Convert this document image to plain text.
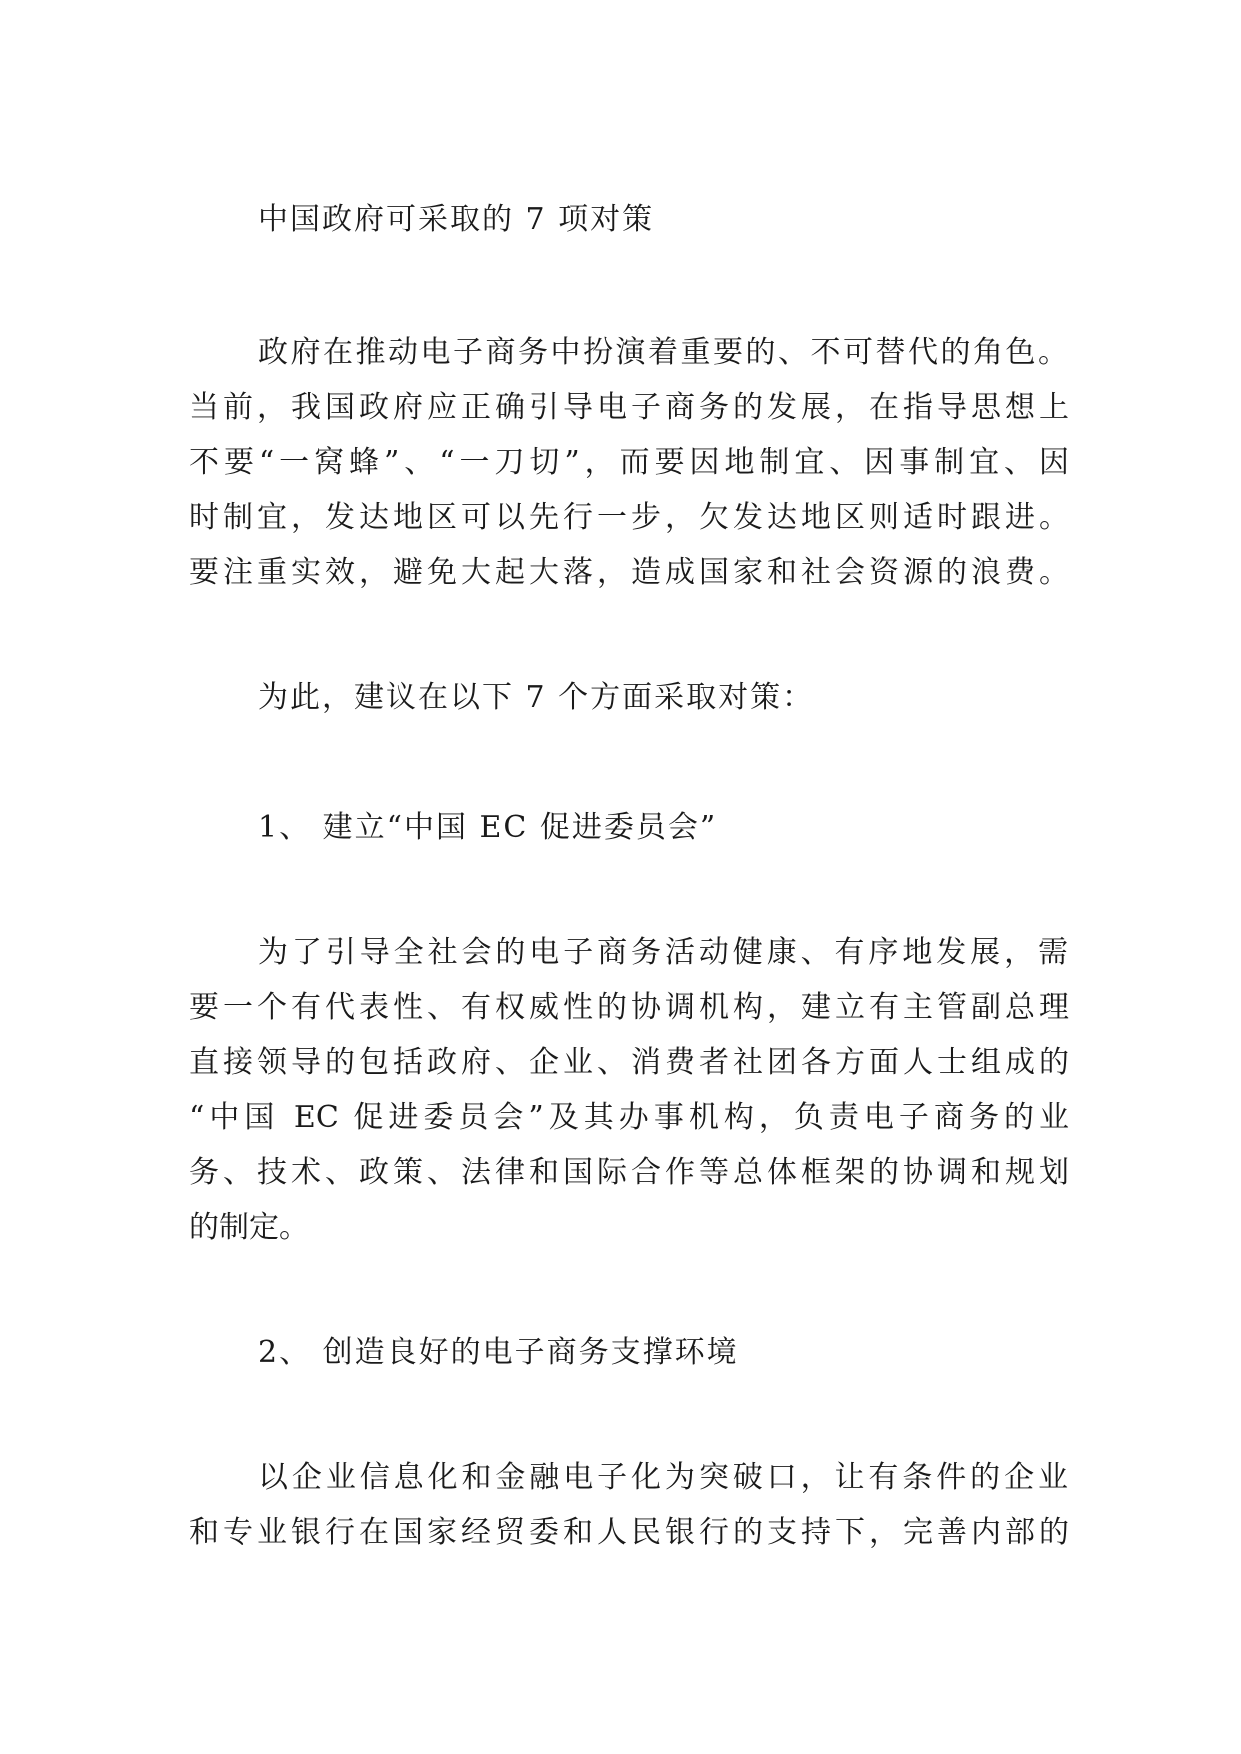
中国政府可采取的 7 项对策
政府在推动电子商务中扮演着重要的、不可替代的角色。
当前，我国政府应正确引导电子商务的发展，在指导思想上
不要“一窝蜂”、“一刀切”，而要因地制宜、因事制宜、因
时制宜，发达地区可以先行一步，欠发达地区则适时跟进。
要注重实效，避免大起大落，造成国家和社会资源的浪费。
为此，建议在以下 7 个方面采取对策：
1、 建立“中国 EC 促进委员会”
为了引导全社会的电子商务活动健康、有序地发展，需
要一个有代表性、有权威性的协调机构，建立有主管副总理
直接领导的包括政府、企业、消费者社团各方面人士组成的
“中国 EC 促进委员会”及其办事机构，负责电子商务的业
务、技术、政策、法律和国际合作等总体框架的协调和规划
的制定。
2、 创造良好的电子商务支撑环境
以企业信息化和金融电子化为突破口，让有条件的企业
和专业银行在国家经贸委和人民银行的支持下，完善内部的
